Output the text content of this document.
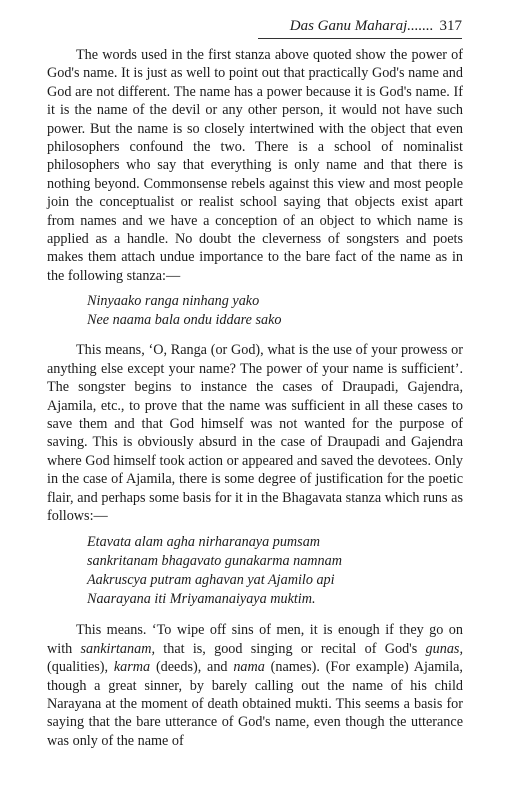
Das Ganu Maharaj....... 317

The words used in the first stanza above quoted show the power of God's name. It is just as well to point out that practically God's name and God are not different. The name has a power because it is God's name. If it is the name of the devil or any other person, it would not have such power. But the name is so closely intertwined with the object that even philosophers confound the two. There is a school of nominalist philosophers who say that everything is only name and that there is nothing beyond. Commonsense rebels against this view and most people join the conceptualist or realist school saying that objects exist apart from names and we have a conception of an object to which name is applied as a handle. No doubt the cleverness of songsters and poets makes them attach undue importance to the bare fact of the name as in the following stanza:—

Ninyaako ranga ninhang yako
Nee naama bala ondu iddare sako

This means, ‘O, Ranga (or God), what is the use of your prowess or anything else except your name? The power of your name is sufficient’. The songster begins to instance the cases of Draupadi, Gajendra, Ajamila, etc., to prove that the name was sufficient in all these cases to save them and that God himself was not wanted for the purpose of saving. This is obviously absurd in the case of Draupadi and Gajendra where God himself took action or appeared and saved the devotees. Only in the case of Ajamila, there is some degree of justification for the poetic flair, and perhaps some basis for it in the Bhagavata stanza which runs as follows:—

Etavata alam agha nirharanaya pumsam
sankritanam bhagavato gunakarma namnam
Aakruscya putram aghavan yat Ajamilo api
Naarayana iti Mriyamanaiyaya muktim.

This means. ‘To wipe off sins of men, it is enough if they go on with sankirtanam, that is, good singing or recital of God's gunas, (qualities), karma (deeds), and nama (names). (For example) Ajamila, though a great sinner, by barely calling out the name of his child Narayana at the moment of death obtained mukti. This seems a basis for saying that the bare utterance of God's name, even though the utterance was only of the name of
